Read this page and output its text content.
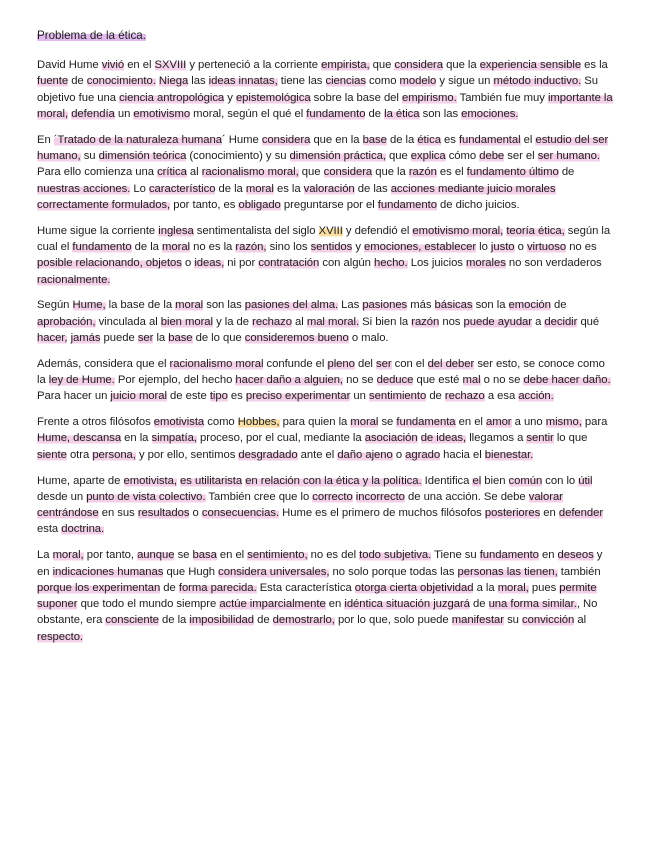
Problema de la ética.

David Hume vivió en el SXVIII y perteneció a la corriente empirista, que considera que la experiencia sensible es la fuente de conocimiento. Niega las ideas innatas, tiene las ciencias como modelo y sigue un método inductivo. Su objetivo fue una ciencia antropológica y epistemológica sobre la base del empirismo. También fue muy importante la moral, defendía un emotivismo moral, según el qué el fundamento de la ética son las emociones.

En ´Tratado de la naturaleza humana´ Hume considera que en la base de la ética es fundamental el estudio del ser humano, su dimensión teórica (conocimiento) y su dimensión práctica, que explica cómo debe ser el ser humano. Para ello comienza una crítica al racionalismo moral, que considera que la razón es el fundamento último de nuestras acciones. Lo característico de la moral es la valoración de las acciones mediante juicio morales correctamente formulados, por tanto, es obligado preguntarse por el fundamento de dicho juicios.

Hume sigue la corriente inglesa sentimentalista del siglo XVIII y defendió el emotivismo moral, teoría ética, según la cual el fundamento de la moral no es la razón, sino los sentidos y emociones, establecer lo justo o virtuoso no es posible relacionando, objetos o ideas, ni por contratación con algún hecho. Los juicios morales no son verdaderos racionalmente.

Según Hume, la base de la moral son las pasiones del alma. Las pasiones más básicas son la emoción de aprobación, vinculada al bien moral y la de rechazo al mal moral. Si bien la razón nos puede ayudar a decidir qué hacer, jamás puede ser la base de lo que consideremos bueno o malo.

Además, considera que el racionalismo moral confunde el pleno del ser con el del deber ser esto, se conoce como la ley de Hume. Por ejemplo, del hecho hacer daño a alguien, no se deduce que esté mal o no se debe hacer daño. Para hacer un juicio moral de este tipo es preciso experimentar un sentimiento de rechazo a esa acción.

Frente a otros filósofos emotivista como Hobbes, para quien la moral se fundamenta en el amor a uno mismo, para Hume, descansa en la simpatía, proceso, por el cual, mediante la asociación de ideas, llegamos a sentir lo que siente otra persona, y por ello, sentimos desgradado ante el daño ajeno o agrado hacia el bienestar.

Hume, aparte de emotivista, es utilitarista en relación con la ética y la política. Identifica el bien común con lo útil desde un punto de vista colectivo. También cree que lo correcto incorrecto de una acción. Se debe valorar centrándose en sus resultados o consecuencias. Hume es el primero de muchos filósofos posteriores en defender esta doctrina.

La moral, por tanto, aunque se basa en el sentimiento, no es del todo subjetiva. Tiene su fundamento en deseos y en indicaciones humanas que Hugh considera universales, no solo porque todas las personas las tienen, también porque los experimentan de forma parecida. Esta característica otorga cierta objetividad a la moral, pues permite suponer que todo el mundo siempre actúe imparcialmente en idéntica situación juzgará de una forma similar., No obstante, era consciente de la imposibilidad de demostrarlo, por lo que, solo puede manifestar su convicción al respecto.
